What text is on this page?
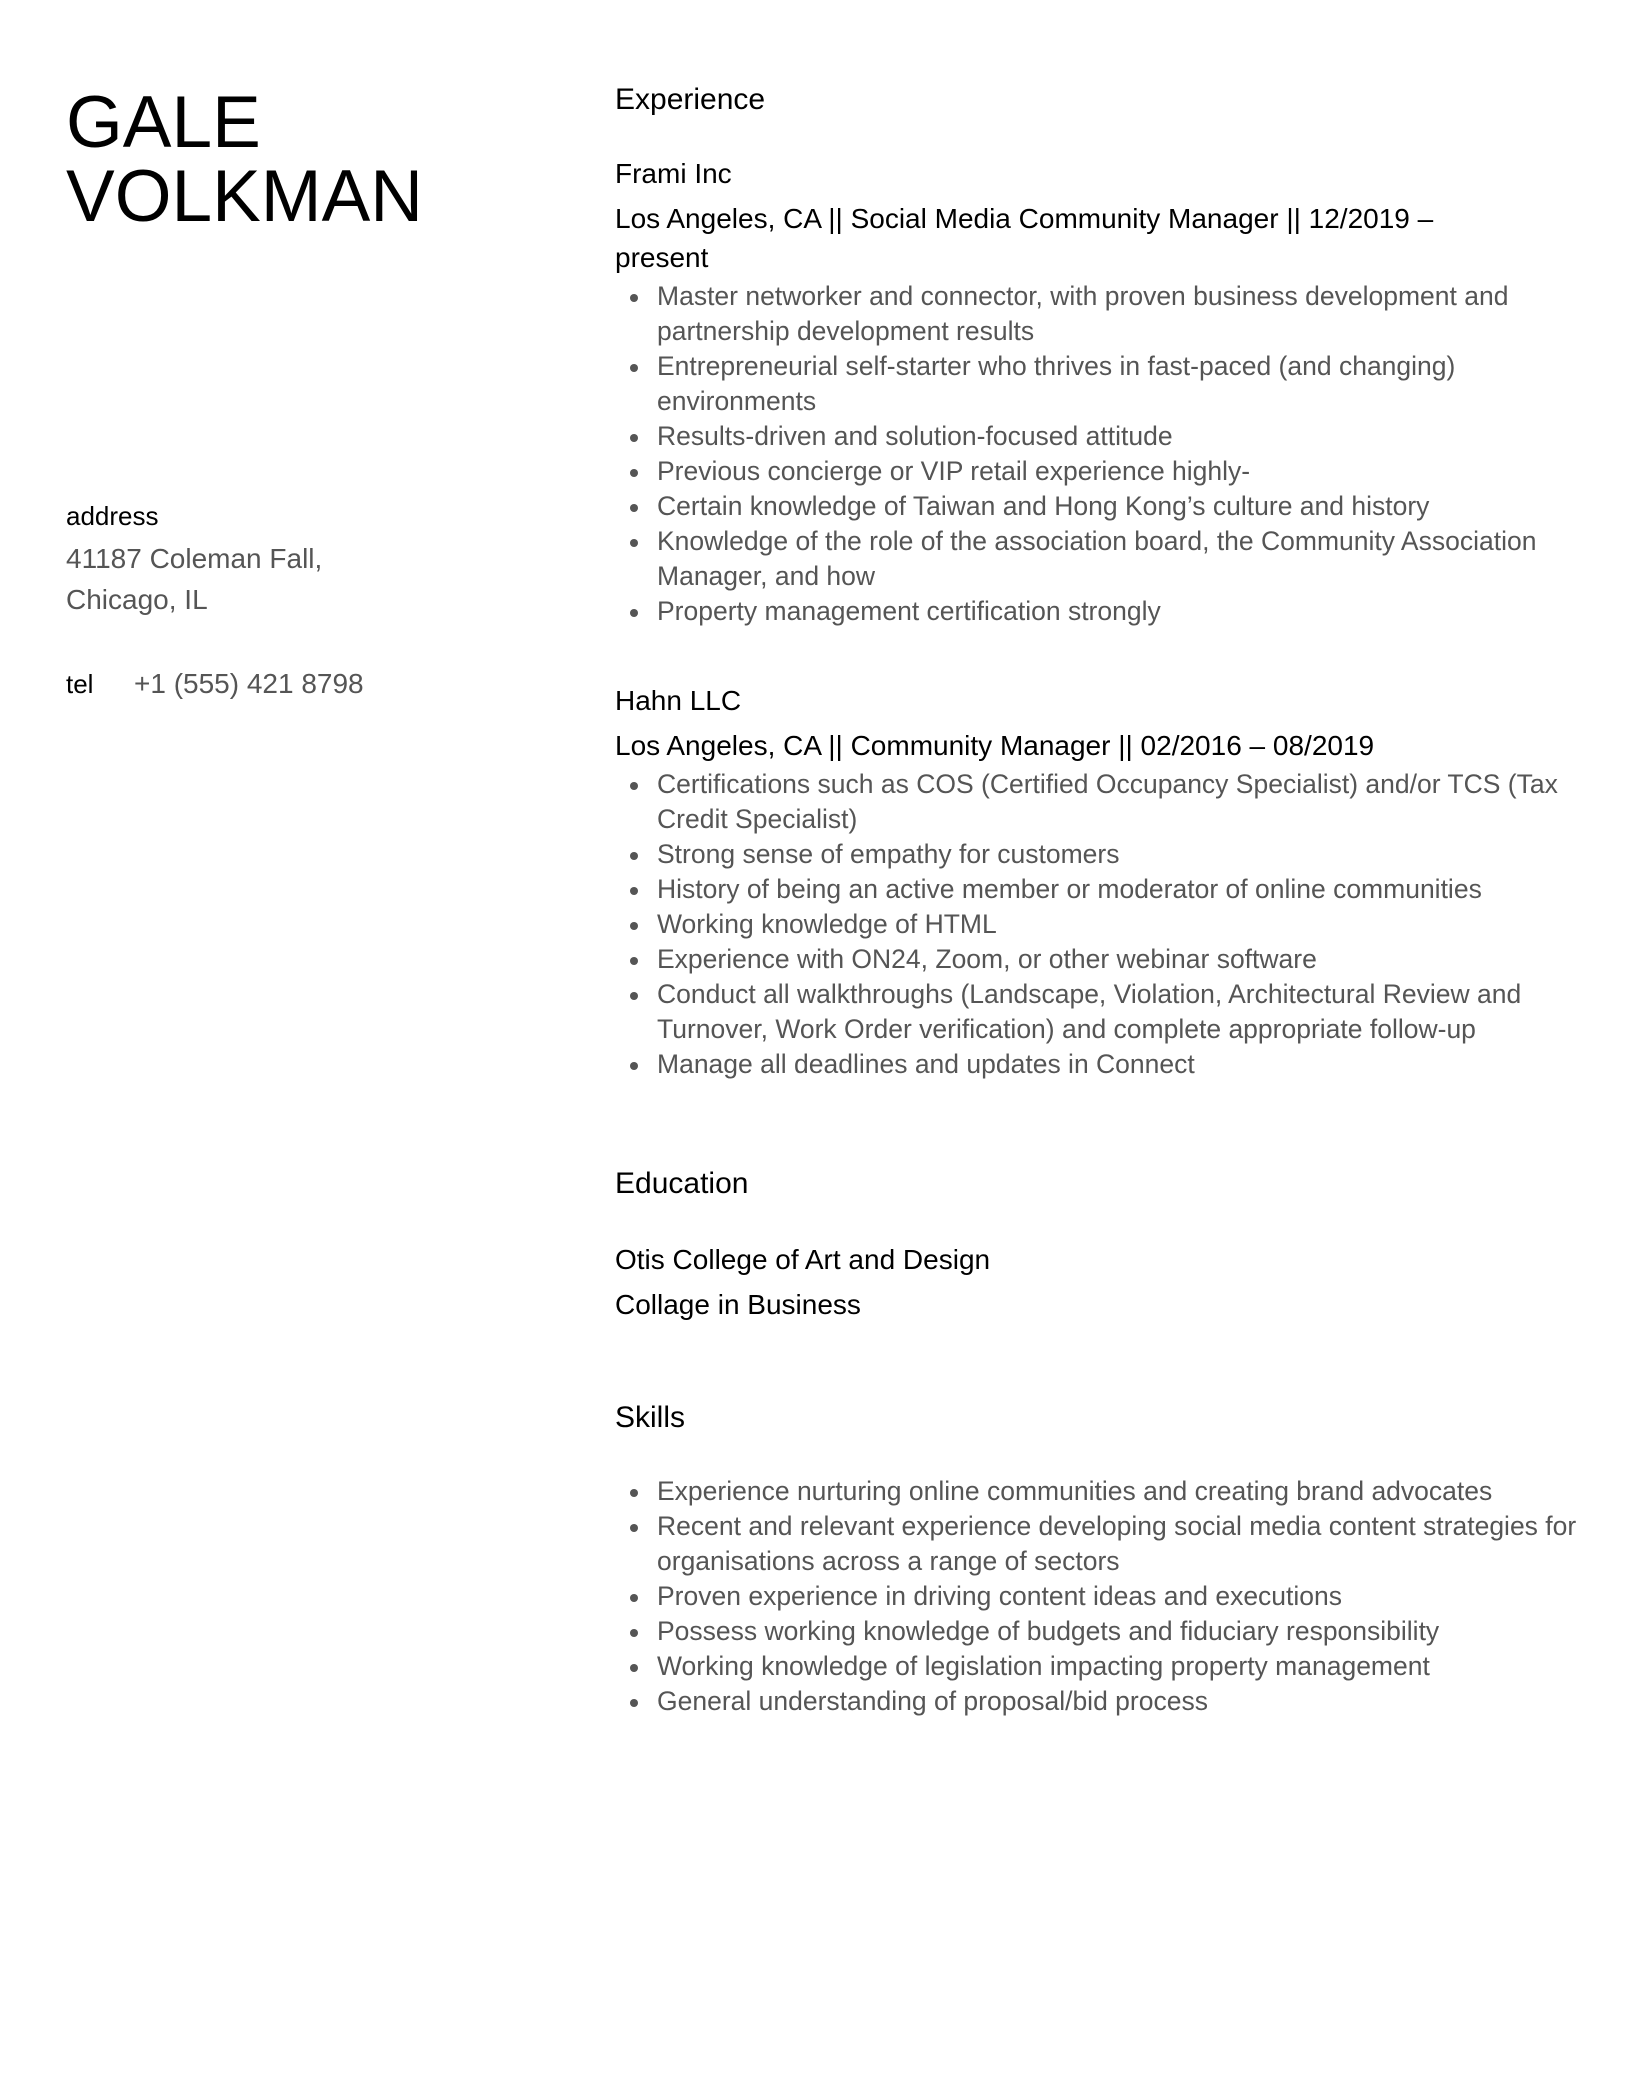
GALE
VOLKMAN
address
41187 Coleman Fall,
Chicago, IL
tel	+1 (555) 421 8798
Experience
Frami Inc
Los Angeles, CA || Social Media Community Manager || 12/2019 – present
Master networker and connector, with proven business development and partnership development results
Entrepreneurial self-starter who thrives in fast-paced (and changing) environments
Results-driven and solution-focused attitude
Previous concierge or VIP retail experience highly-
Certain knowledge of Taiwan and Hong Kong’s culture and history
Knowledge of the role of the association board, the Community Association Manager, and how
Property management certification strongly
Hahn LLC
Los Angeles, CA || Community Manager || 02/2016 – 08/2019
Certifications such as COS (Certified Occupancy Specialist) and/or TCS (Tax Credit Specialist)
Strong sense of empathy for customers
History of being an active member or moderator of online communities
Working knowledge of HTML
Experience with ON24, Zoom, or other webinar software
Conduct all walkthroughs (Landscape, Violation, Architectural Review and Turnover, Work Order verification) and complete appropriate follow-up
Manage all deadlines and updates in Connect
Education
Otis College of Art and Design
Collage in Business
Skills
Experience nurturing online communities and creating brand advocates
Recent and relevant experience developing social media content strategies for organisations across a range of sectors
Proven experience in driving content ideas and executions
Possess working knowledge of budgets and fiduciary responsibility
Working knowledge of legislation impacting property management
General understanding of proposal/bid process
